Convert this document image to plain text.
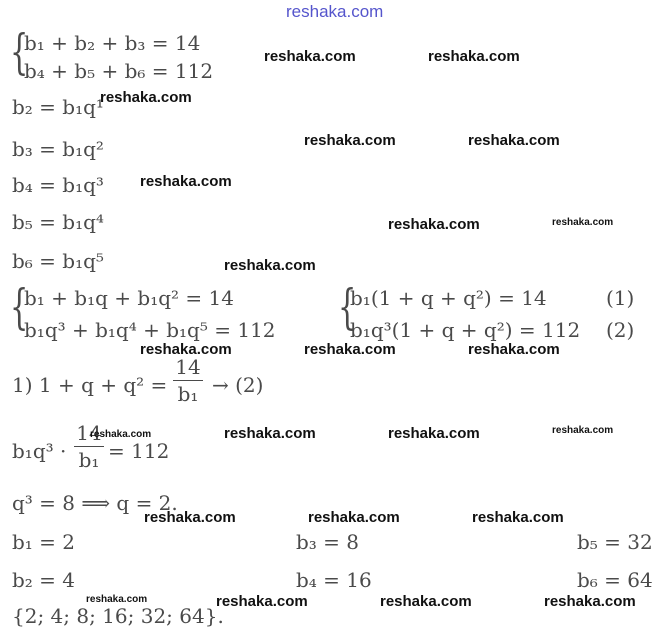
reshaka.com
{
b₁ + b₂ + b₃ = 14
b₄ + b₅ + b₆ = 112
b₂ = b₁q¹
b₃ = b₁q²
b₄ = b₁q³
b₅ = b₁q⁴
b₆ = b₁q⁵
{
b₁ + b₁q + b₁q² = 14
b₁q³ + b₁q⁴ + b₁q⁵ = 112 {
b₁(1 + q + q²) = 14
b₁q³(1 + q + q²) = 112
(1)
(2)
1) 1 + q + q² =
14
b₁ → (2)
b₁q³ ·
14
b₁ = 112
q³ = 8 ⟹ q = 2.
b₁ = 2	b₃ = 8	b₅ = 32
b₂ = 4	b₄ = 16	b₆ = 64
{2; 4; 8; 16; 32; 64}.
reshaka.com	reshaka.com
reshaka.com
reshaka.com	reshaka.com
reshaka.com
reshaka.com	reshaka.com
reshaka.com
reshaka.com	reshaka.com	reshaka.com
reshaka.com	reshaka.com	reshaka.com	reshaka.com
reshaka.com	reshaka.com	reshaka.com
reshaka.com	reshaka.com	reshaka.com	reshaka.com
